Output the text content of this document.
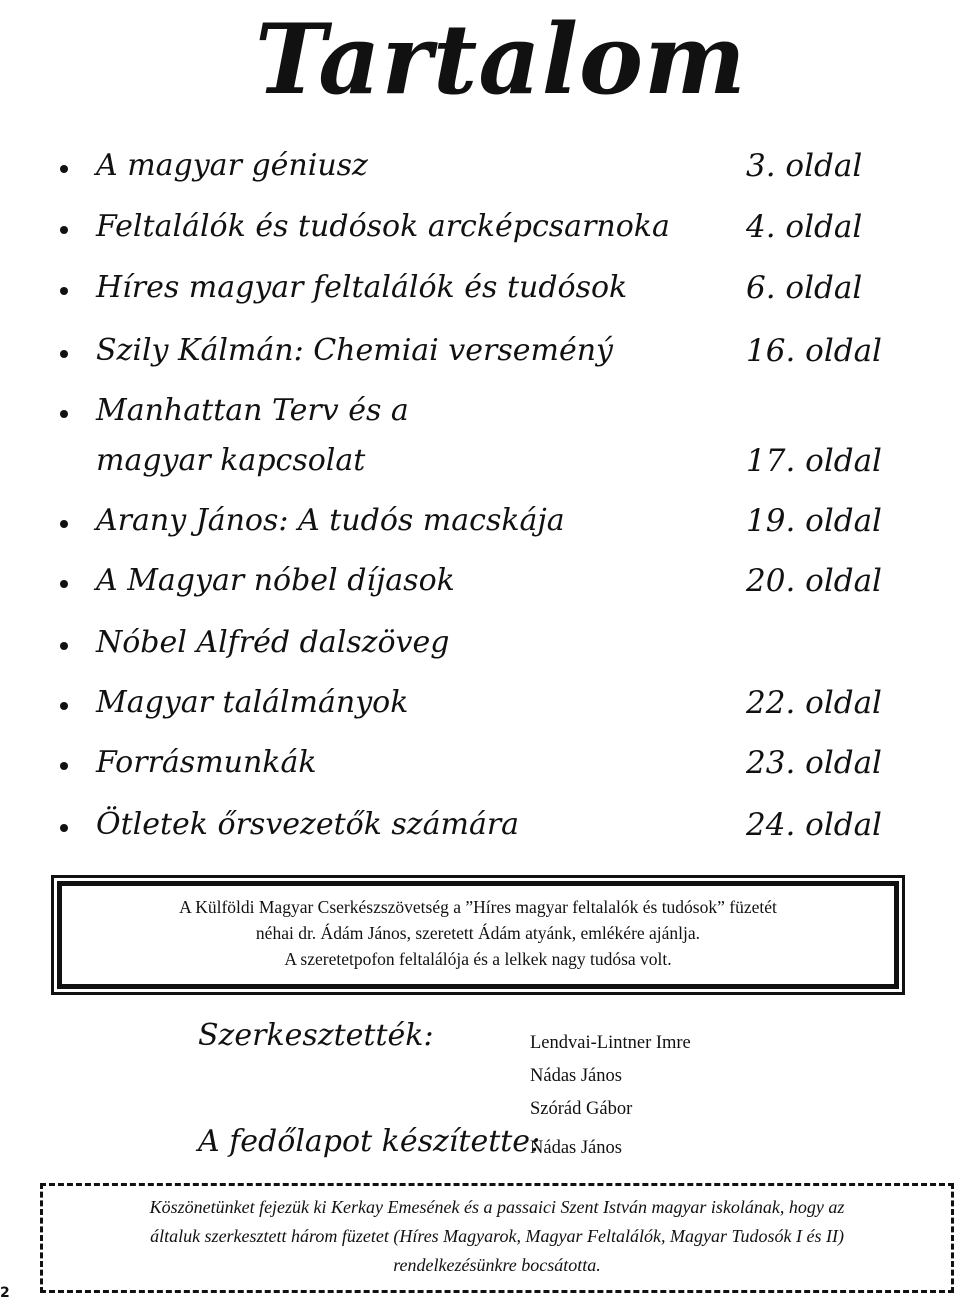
Tartalom
A magyar géniusz	3. oldal
Feltalálók és tudósok arcképcsarnoka 4. oldal
Híres magyar feltalálók és tudósok	6. oldal
Szily Kálmán: Chemiai verseméný	16. oldal
Manhattan Terv és a
magyar kapcsolat	17. oldal
Arany János: A tudós macskája	19. oldal
A Magyar nóbel díjasok	20. oldal
Nóbel Alfréd dalszöveg
Magyar találmányok	22. oldal
Forrásmunkák	23. oldal
Ötletek őrsvezetők számára	24. oldal
A Külföldi Magyar Cserkészszövetség a ”Híres magyar feltalalók és tudósok” füzetét
néhai dr. Ádám János, szeretett Ádám atyánk, emlékére ajánlja.
A szeretetpofon feltalálója és a lelkek nagy tudósa volt.
Szerkesztették:	Lendvai-Lintner Imre
Nádas János
Szórád Gábor
A fedőlapot készítette:
Nádas János
Köszönetünket fejezük ki Kerkay Emesének és a passaici Szent István magyar iskolának, hogy az
általuk szerkesztett három füzetet (Híres Magyarok, Magyar Feltalálók, Magyar Tudosók I és II)
rendelkezésünkre bocsátotta.
2
